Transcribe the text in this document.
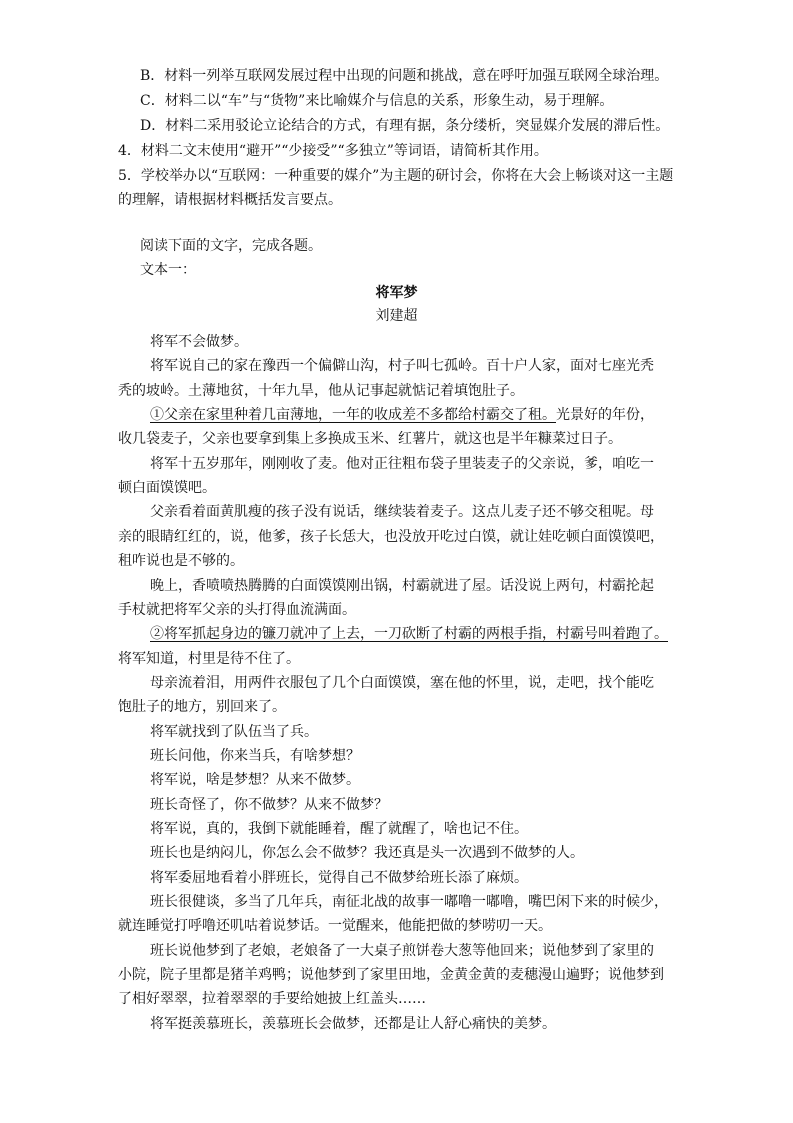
B．材料一列举互联网发展过程中出现的问题和挑战，意在呼吁加强互联网全球治理。
C．材料二以“车”与“货物”来比喻媒介与信息的关系，形象生动，易于理解。
D．材料二采用驳论立论结合的方式，有理有据，条分缕析，突显媒介发展的滞后性。
4．材料二文末使用“避开”“少接受”“多独立”等词语，请简析其作用。
5．学校举办以“互联网：一种重要的媒介”为主题的研讨会，你将在大会上畅谈对这一主题
的理解，请根据材料概括发言要点。
阅读下面的文字，完成各题。
文本一：
将军梦
刘建超
将军不会做梦。
将军说自己的家在豫西一个偏僻山沟，村子叫七孤岭。百十户人家，面对七座光秃
秃的坡岭。土薄地贫，十年九旱，他从记事起就惦记着填饱肚子。
①父亲在家里种着几亩薄地，一年的收成差不多都给村霸交了租。光景好的年份，
收几袋麦子，父亲也要拿到集上多换成玉米、红薯片，就这也是半年糠菜过日子。
将军十五岁那年，刚刚收了麦。他对正往粗布袋子里装麦子的父亲说，爹，咱吃一
顿白面馍馍吧。
父亲看着面黄肌瘦的孩子没有说话，继续装着麦子。这点儿麦子还不够交租呢。母
亲的眼睛红红的，说，他爹，孩子长恁大，也没放开吃过白馍，就让娃吃顿白面馍馍吧，
租咋说也是不够的。
晚上，香喷喷热腾腾的白面馍馍刚出锅，村霸就进了屋。话没说上两句，村霸抡起
手杖就把将军父亲的头打得血流满面。
②将军抓起身边的镰刀就冲了上去，一刀砍断了村霸的两根手指，村霸号叫着跑了。
将军知道，村里是待不住了。
母亲流着泪，用两件衣服包了几个白面馍馍，塞在他的怀里，说，走吧，找个能吃
饱肚子的地方，别回来了。
将军就找到了队伍当了兵。
班长问他，你来当兵，有啥梦想？
将军说，啥是梦想？从来不做梦。
班长奇怪了，你不做梦？从来不做梦？
将军说，真的，我倒下就能睡着，醒了就醒了，啥也记不住。
班长也是纳闷儿，你怎么会不做梦？我还真是头一次遇到不做梦的人。
将军委屈地看着小胖班长，觉得自己不做梦给班长添了麻烦。
班长很健谈，多当了几年兵，南征北战的故事一嘟噜一嘟噜，嘴巴闲下来的时候少，
就连睡觉打呼噜还叽咕着说梦话。一觉醒来，他能把做的梦唠叨一天。
班长说他梦到了老娘，老娘备了一大桌子煎饼卷大葱等他回来；说他梦到了家里的
小院，院子里都是猪羊鸡鸭；说他梦到了家里田地，金黄金黄的麦穗漫山遍野；说他梦到
了相好翠翠，拉着翠翠的手要给她披上红盖头……
将军挺羡慕班长，羡慕班长会做梦，还都是让人舒心痛快的美梦。
